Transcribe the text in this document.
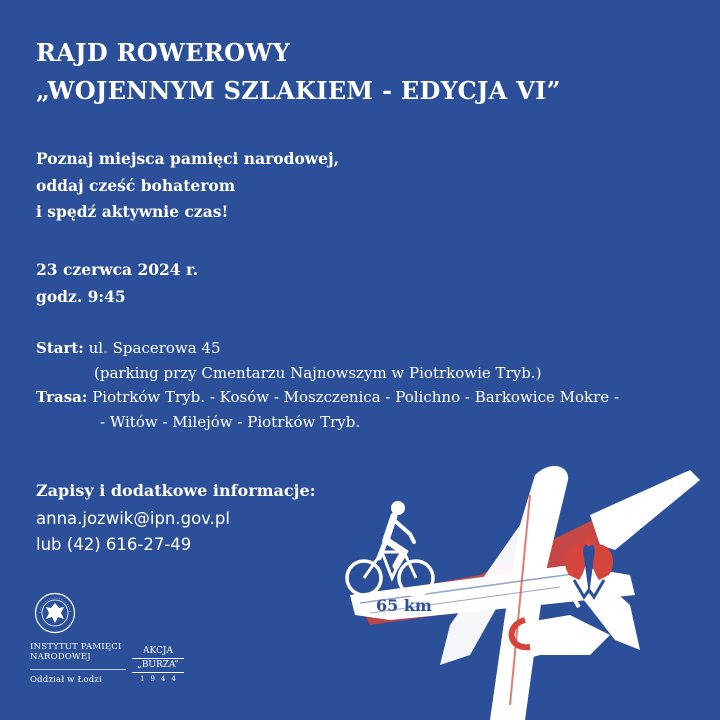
RAJD ROWEROWY
„WOJENNYM SZLAKIEM - EDYCJA VI”
Poznaj miejsca pamięci narodowej,
oddaj cześć bohaterom
i spędź aktywnie czas!
23 czerwca 2024 r.
godz. 9:45
Start: ul. Spacerowa 45
(parking przy Cmentarzu Najnowszym w Piotrkowie Tryb.)
Trasa: Piotrków Tryb. - Kosów - Moszczenica - Polichno - Barkowice Mokre -
- Witów - Milejów - Piotrków Tryb.
Zapisy i dodatkowe informacje:
anna.jozwik@ipn.gov.pl
lub (42) 616-27-49
65 km
INSTYTUT PAMIĘCI
NARODOWEJ
Oddział w Łodzi
AKCJA
„BURZA”
1944
